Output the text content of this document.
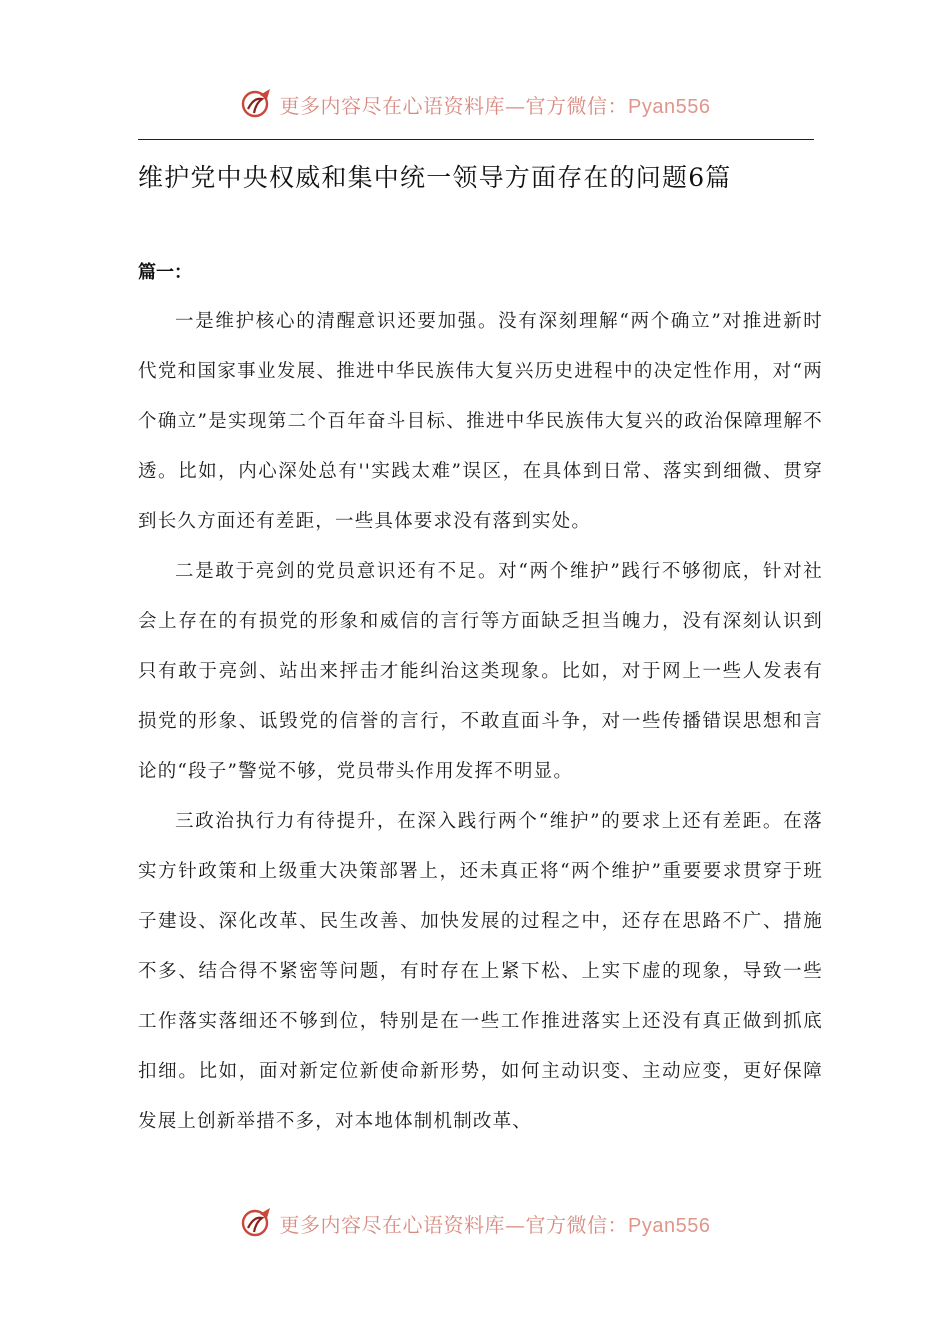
更多内容尽在心语资料库—官方微信：Pyan556
维护党中央权威和集中统一领导方面存在的问题6篇
篇一：

一是维护核心的清醒意识还要加强。没有深刻理解“两个确立”对推进新时代党和国家事业发展、推进中华民族伟大复兴历史进程中的决定性作用，对“两个确立”是实现第二个百年奋斗目标、推进中华民族伟大复兴的政治保障理解不透。比如，内心深处总有''实践太难”误区，在具体到日常、落实到细微、贯穿到长久方面还有差距，一些具体要求没有落到实处。

二是敢于亮剑的党员意识还有不足。对“两个维护”践行不够彻底，针对社会上存在的有损党的形象和威信的言行等方面缺乏担当魄力，没有深刻认识到只有敢于亮剑、站出来抨击才能纠治这类现象。比如，对于网上一些人发表有损党的形象、诋毁党的信誉的言行，不敢直面斗争，对一些传播错误思想和言论的“段子”警觉不够，党员带头作用发挥不明显。

三政治执行力有待提升，在深入践行两个“维护”的要求上还有差距。在落实方针政策和上级重大决策部署上，还未真正将“两个维护”重要要求贯穿于班子建设、深化改革、民生改善、加快发展的过程之中，还存在思路不广、措施不多、结合得不紧密等问题，有时存在上紧下松、上实下虚的现象，导致一些工作落实落细还不够到位，特别是在一些工作推进落实上还没有真正做到抓底扣细。比如，面对新定位新使命新形势，如何主动识变、主动应变，更好保障发展上创新举措不多，对本地体制机制改革、

更多内容尽在心语资料库—官方微信：Pyan556
